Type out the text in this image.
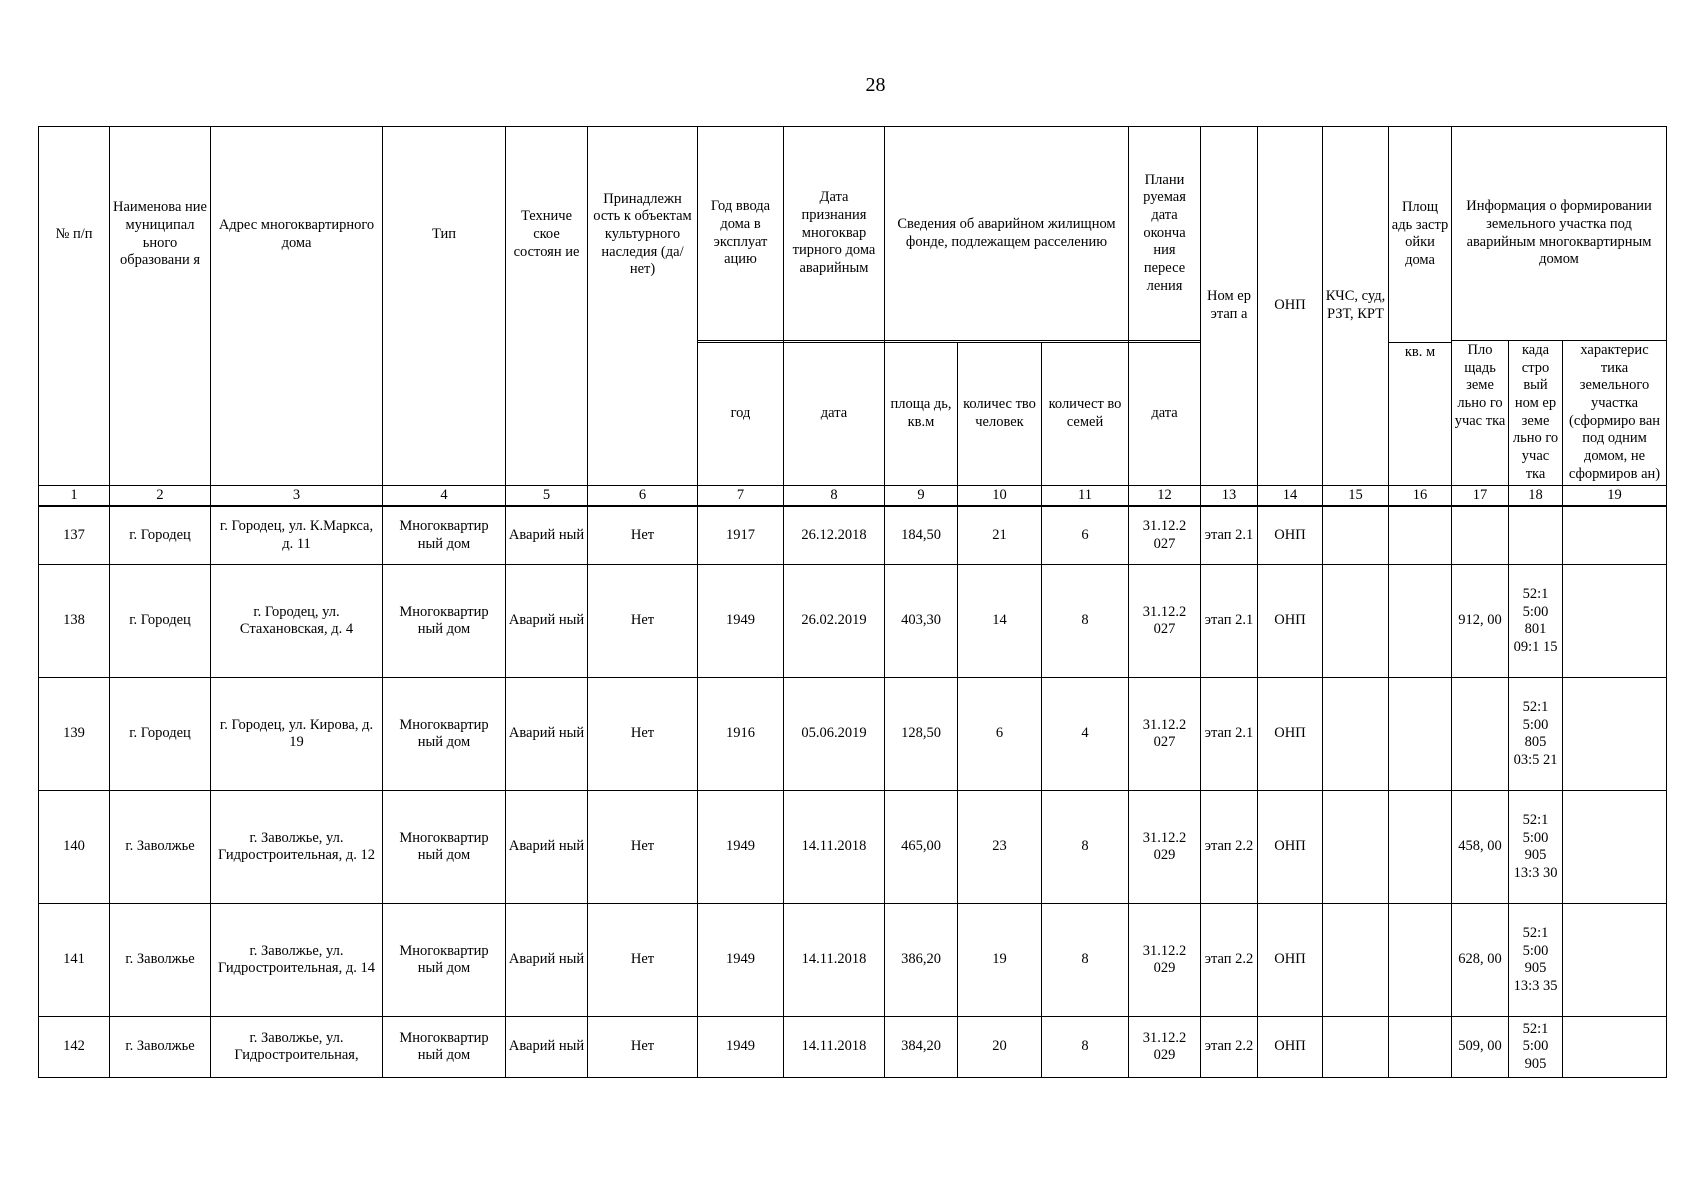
28
№ п/п	Наименова ние муниципал ьного образовани я	Адрес многоквартирного дома	Тип	Техниче ское состоян ие	Принадлежн ость к объектам культурного наследия (да/нет)	Год ввода дома в эксплуат ацию	Дата признания многоквар тирного дома аварийным	Сведения об аварийном жилищном фонде, подлежащем расселению			Плани руемая дата оконча ния пересе ления	Ном ер этап а	ОНП	КЧС, суд, РЗТ, КРТ	Площ адь застр ойки дома	Информация о формировании земельного участка под аварийным многоквартирным домом		
																Пло щадь земе льно го учас тка	када стро вый ном ер земе льно го учас тка	характерис тика земельного участка (сформиро ван под одним домом, не сформиров ан)
						год	дата	площа дь, кв.м	количес тво человек	количест во семей	дата				кв. м			
1	2	3	4	5	6	7	8	9	10	11	12	13	14	15	16	17	18	19
137	г. Городец	г. Городец, ул. К.Маркса, д. 11	Многоквартир ный дом	Аварий ный	Нет	1917	26.12.2018	184,50	21	6	31.12.2 027	этап 2.1	ОНП					
138	г. Городец	г. Городец, ул. Стахановская, д. 4	Многоквартир ный дом	Аварий ный	Нет	1949	26.02.2019	403,30	14	8	31.12.2 027	этап 2.1	ОНП			912, 00	52:1 5:00 801 09:1 15	
139	г. Городец	г. Городец, ул. Кирова, д. 19	Многоквартир ный дом	Аварий ный	Нет	1916	05.06.2019	128,50	6	4	31.12.2 027	этап 2.1	ОНП				52:1 5:00 805 03:5 21	
140	г. Заволжье	г. Заволжье, ул. Гидростроительная, д. 12	Многоквартир ный дом	Аварий ный	Нет	1949	14.11.2018	465,00	23	8	31.12.2 029	этап 2.2	ОНП			458, 00	52:1 5:00 905 13:3 30	
141	г. Заволжье	г. Заволжье, ул. Гидростроительная, д. 14	Многоквартир ный дом	Аварий ный	Нет	1949	14.11.2018	386,20	19	8	31.12.2 029	этап 2.2	ОНП			628, 00	52:1 5:00 905 13:3 35	
142	г. Заволжье	г. Заволжье, ул. Гидростроительная,	Многоквартир ный дом	Аварий ный	Нет	1949	14.11.2018	384,20	20	8	31.12.2 029	этап 2.2	ОНП			509, 00	52:1 5:00 905	
